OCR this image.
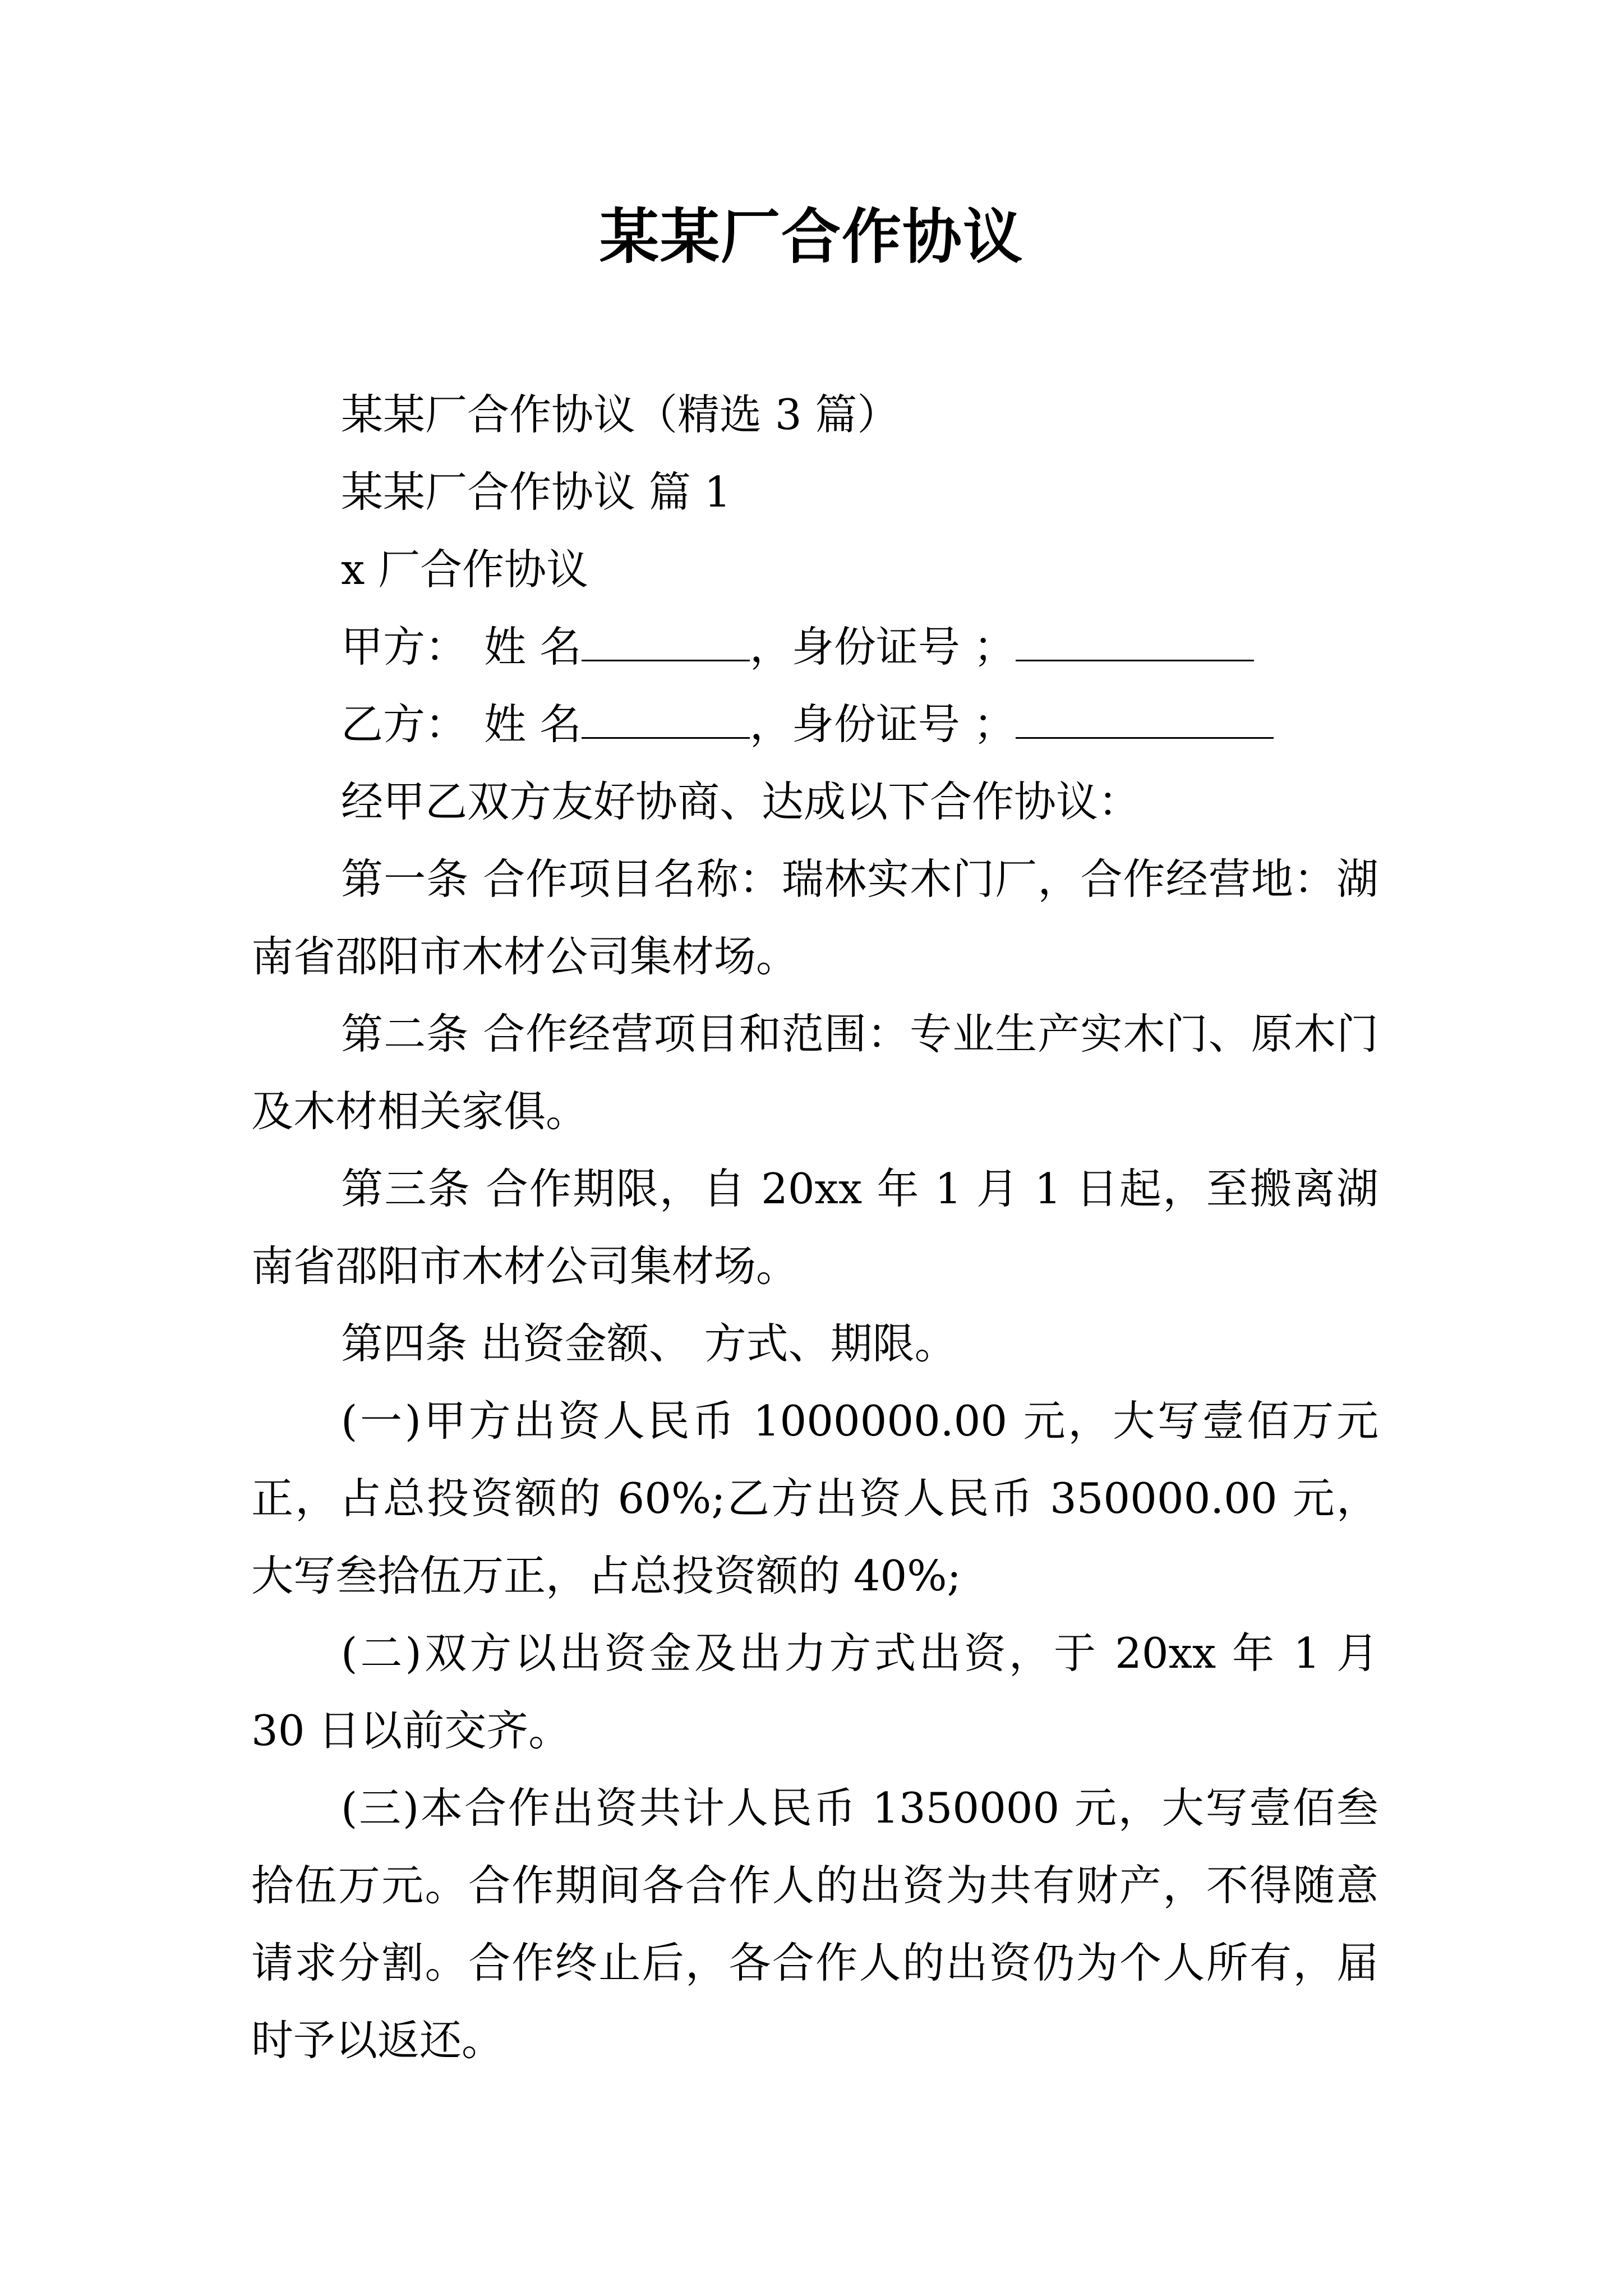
某某厂合作协议

某某厂合作协议（精选 3 篇）

某某厂合作协议 篇 1

x 厂合作协议

甲方： 姓 名	，身份证号 ；

乙方： 姓 名	，身份证号 ；

经甲乙双方友好协商、达成以下合作协议：

第一条 合作项目名称：瑞林实木门厂，合作经营地：湖南省邵阳市木材公司集材场。

第二条 合作经营项目和范围：专业生产实木门、原木门及木材相关家俱。

第三条 合作期限，自 20xx 年 1 月 1 日起，至搬离湖南省邵阳市木材公司集材场。

第四条 出资金额、 方式、期限。

(一)甲方出资人民币 1000000.00 元，大写壹佰万元正，占总投资额的 60%;乙方出资人民币 350000.00 元，大写叁拾伍万正，占总投资额的 40%;

(二)双方以出资金及出力方式出资，于 20xx 年 1 月 30 日以前交齐。

(三)本合作出资共计人民币 1350000 元，大写壹佰叁拾伍万元。合作期间各合作人的出资为共有财产，不得随意请求分割。合作终止后，各合作人的出资仍为个人所有，届时予以返还。
